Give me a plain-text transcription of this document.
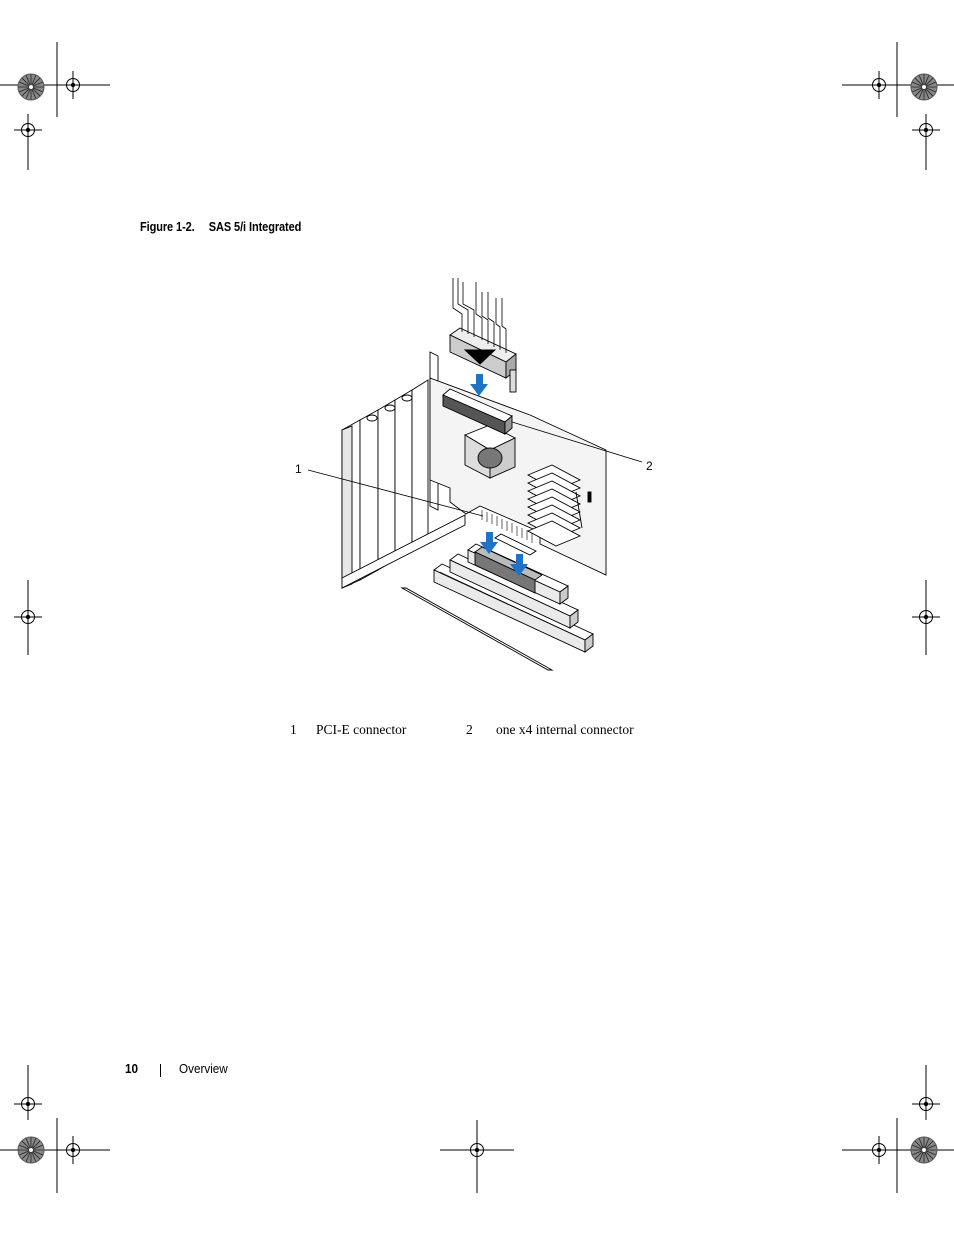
Figure 1-2. SAS 5/i Integrated
1	2
1 PCI-E connector	2 one x4 internal connector
10	Overview
